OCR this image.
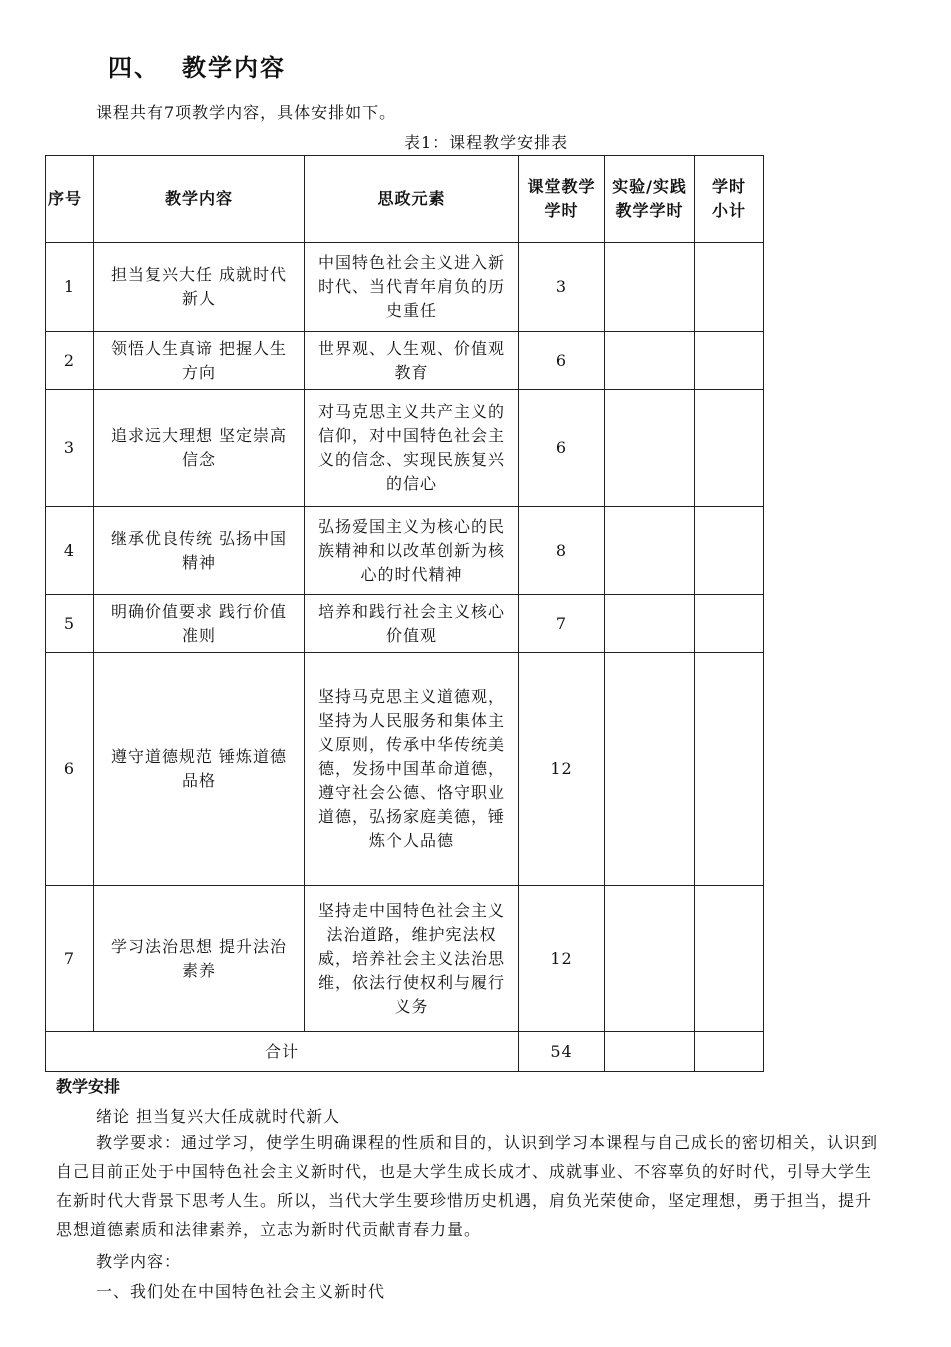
四、 教学内容
课程共有7项教学内容，具体安排如下。
表1：课程教学安排表
序号	教学内容	思政元素	课堂教学学时	实验/实践教学学时	学时小计

1	担当复兴大任 成就时代新人	中国特色社会主义进入新时代、当代青年肩负的历史重任	3		
2	领悟人生真谛 把握人生方向	世界观、人生观、价值观教育	6		
3	追求远大理想 坚定崇高信念	对马克思主义共产主义的信仰，对中国特色社会主义的信念、实现民族复兴的信心	6		
4	继承优良传统 弘扬中国精神	弘扬爱国主义为核心的民族精神和以改革创新为核心的时代精神	8		
5	明确价值要求 践行价值准则	培养和践行社会主义核心价值观	7		
6	遵守道德规范 锤炼道德品格	坚持马克思主义道德观，坚持为人民服务和集体主义原则，传承中华传统美德，发扬中国革命道德，遵守社会公德、恪守职业道德，弘扬家庭美德，锤炼个人品德	12		
7	学习法治思想 提升法治素养	坚持走中国特色社会主义法治道路，维护宪法权威，培养社会主义法治思维，依法行使权利与履行义务	12		
合计			54		
教学安排
绪论 担当复兴大任成就时代新人
教学要求：通过学习，使学生明确课程的性质和目的，认识到学习本课程与自己成长的密切相关，认识到自己目前正处于中国特色社会主义新时代，也是大学生成长成才、成就事业、不容辜负的好时代，引导大学生在新时代大背景下思考人生。所以，当代大学生要珍惜历史机遇，肩负光荣使命，坚定理想，勇于担当，提升思想道德素质和法律素养，立志为新时代贡献青春力量。
教学内容：
一、我们处在中国特色社会主义新时代
